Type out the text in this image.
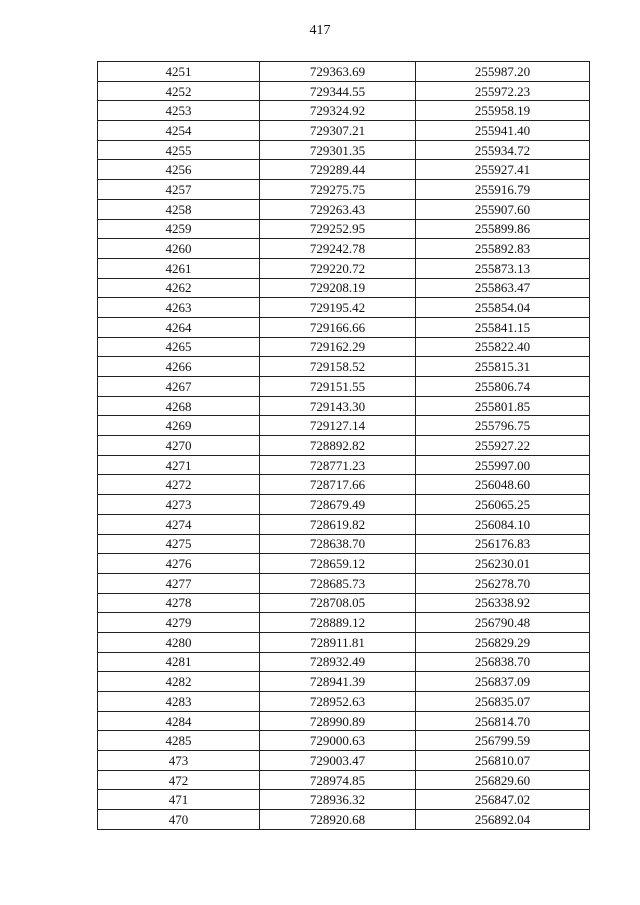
417
4251	729363.69	255987.20
4252	729344.55	255972.23
4253	729324.92	255958.19
4254	729307.21	255941.40
4255	729301.35	255934.72
4256	729289.44	255927.41
4257	729275.75	255916.79
4258	729263.43	255907.60
4259	729252.95	255899.86
4260	729242.78	255892.83
4261	729220.72	255873.13
4262	729208.19	255863.47
4263	729195.42	255854.04
4264	729166.66	255841.15
4265	729162.29	255822.40
4266	729158.52	255815.31
4267	729151.55	255806.74
4268	729143.30	255801.85
4269	729127.14	255796.75
4270	728892.82	255927.22
4271	728771.23	255997.00
4272	728717.66	256048.60
4273	728679.49	256065.25
4274	728619.82	256084.10
4275	728638.70	256176.83
4276	728659.12	256230.01
4277	728685.73	256278.70
4278	728708.05	256338.92
4279	728889.12	256790.48
4280	728911.81	256829.29
4281	728932.49	256838.70
4282	728941.39	256837.09
4283	728952.63	256835.07
4284	728990.89	256814.70
4285	729000.63	256799.59
473	729003.47	256810.07
472	728974.85	256829.60
471	728936.32	256847.02
470	728920.68	256892.04
